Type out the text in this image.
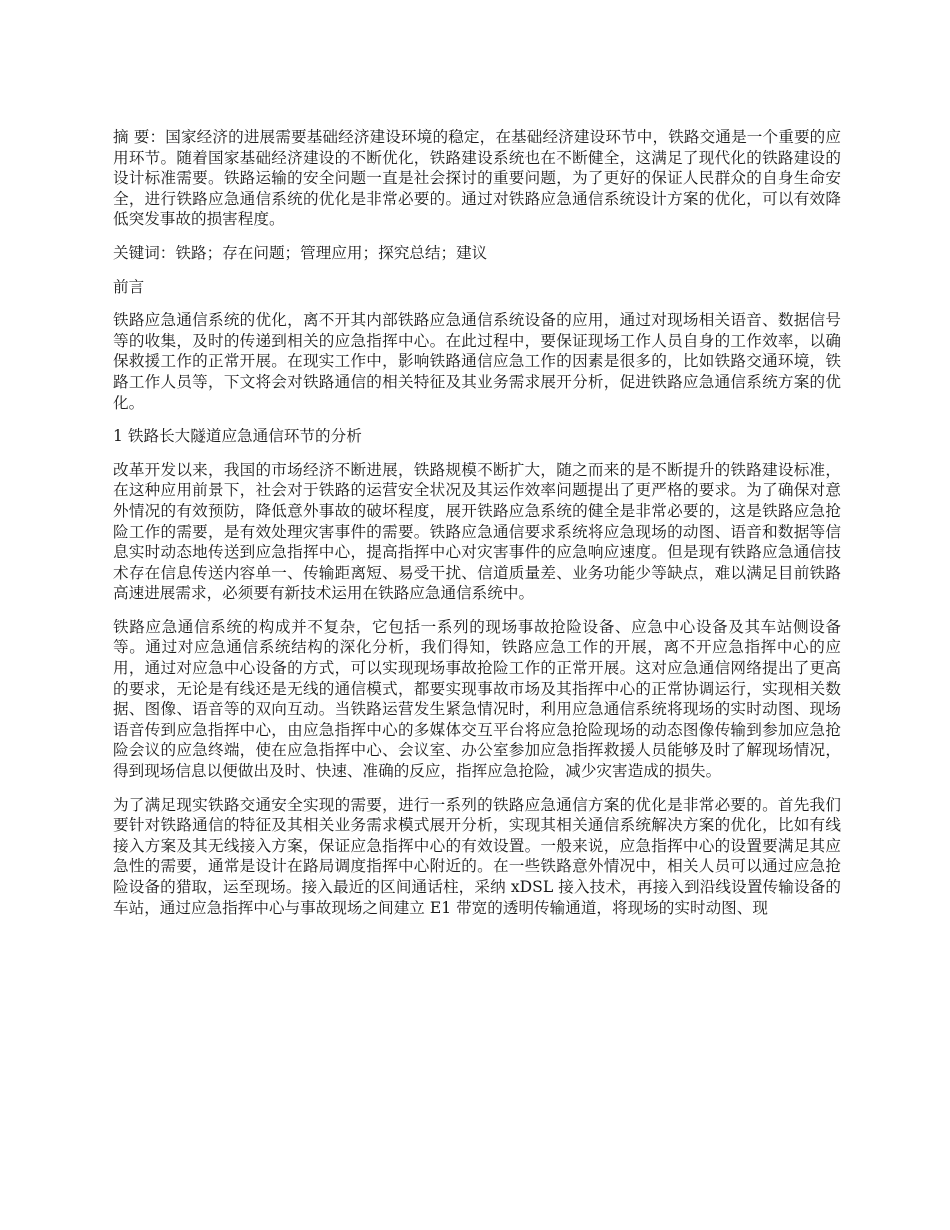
摘 要：国家经济的进展需要基础经济建设环境的稳定，在基础经济建设环节中，铁路交通是一个重要的应用环节。随着国家基础经济建设的不断优化，铁路建设系统也在不断健全，这满足了现代化的铁路建设的设计标准需要。铁路运输的安全问题一直是社会探讨的重要问题，为了更好的保证人民群众的自身生命安全，进行铁路应急通信系统的优化是非常必要的。通过对铁路应急通信系统设计方案的优化，可以有效降低突发事故的损害程度。

关键词：铁路；存在问题；管理应用；探究总结；建议

前言

铁路应急通信系统的优化，离不开其内部铁路应急通信系统设备的应用，通过对现场相关语音、数据信号等的收集，及时的传递到相关的应急指挥中心。在此过程中，要保证现场工作人员自身的工作效率，以确保救援工作的正常开展。在现实工作中，影响铁路通信应急工作的因素是很多的，比如铁路交通环境，铁路工作人员等，下文将会对铁路通信的相关特征及其业务需求展开分析，促进铁路应急通信系统方案的优化。

1 铁路长大隧道应急通信环节的分析

改革开发以来，我国的市场经济不断进展，铁路规模不断扩大，随之而来的是不断提升的铁路建设标准，在这种应用前景下，社会对于铁路的运营安全状况及其运作效率问题提出了更严格的要求。为了确保对意外情况的有效预防，降低意外事故的破坏程度，展开铁路应急系统的健全是非常必要的，这是铁路应急抢险工作的需要，是有效处理灾害事件的需要。铁路应急通信要求系统将应急现场的动图、语音和数据等信息实时动态地传送到应急指挥中心，提高指挥中心对灾害事件的应急响应速度。但是现有铁路应急通信技术存在信息传送内容单一、传输距离短、易受干扰、信道质量差、业务功能少等缺点，难以满足目前铁路高速进展需求，必须要有新技术运用在铁路应急通信系统中。

铁路应急通信系统的构成并不复杂，它包括一系列的现场事故抢险设备、应急中心设备及其车站侧设备等。通过对应急通信系统结构的深化分析，我们得知，铁路应急工作的开展，离不开应急指挥中心的应用，通过对应急中心设备的方式，可以实现现场事故抢险工作的正常开展。这对应急通信网络提出了更高的要求，无论是有线还是无线的通信模式，都要实现事故市场及其指挥中心的正常协调运行，实现相关数据、图像、语音等的双向互动。当铁路运营发生紧急情况时，利用应急通信系统将现场的实时动图、现场语音传到应急指挥中心，由应急指挥中心的多媒体交互平台将应急抢险现场的动态图像传输到参加应急抢险会议的应急终端，使在应急指挥中心、会议室、办公室参加应急指挥救援人员能够及时了解现场情况，得到现场信息以便做出及时、快速、准确的反应，指挥应急抢险，减少灾害造成的损失。

为了满足现实铁路交通安全实现的需要，进行一系列的铁路应急通信方案的优化是非常必要的。首先我们要针对铁路通信的特征及其相关业务需求模式展开分析，实现其相关通信系统解决方案的优化，比如有线接入方案及其无线接入方案，保证应急指挥中心的有效设置。一般来说，应急指挥中心的设置要满足其应急性的需要，通常是设计在路局调度指挥中心附近的。在一些铁路意外情况中，相关人员可以通过应急抢险设备的猎取，运至现场。接入最近的区间通话柱，采纳 xDSL 接入技术，再接入到沿线设置传输设备的车站，通过应急指挥中心与事故现场之间建立 E1 带宽的透明传输通道，将现场的实时动图、现
